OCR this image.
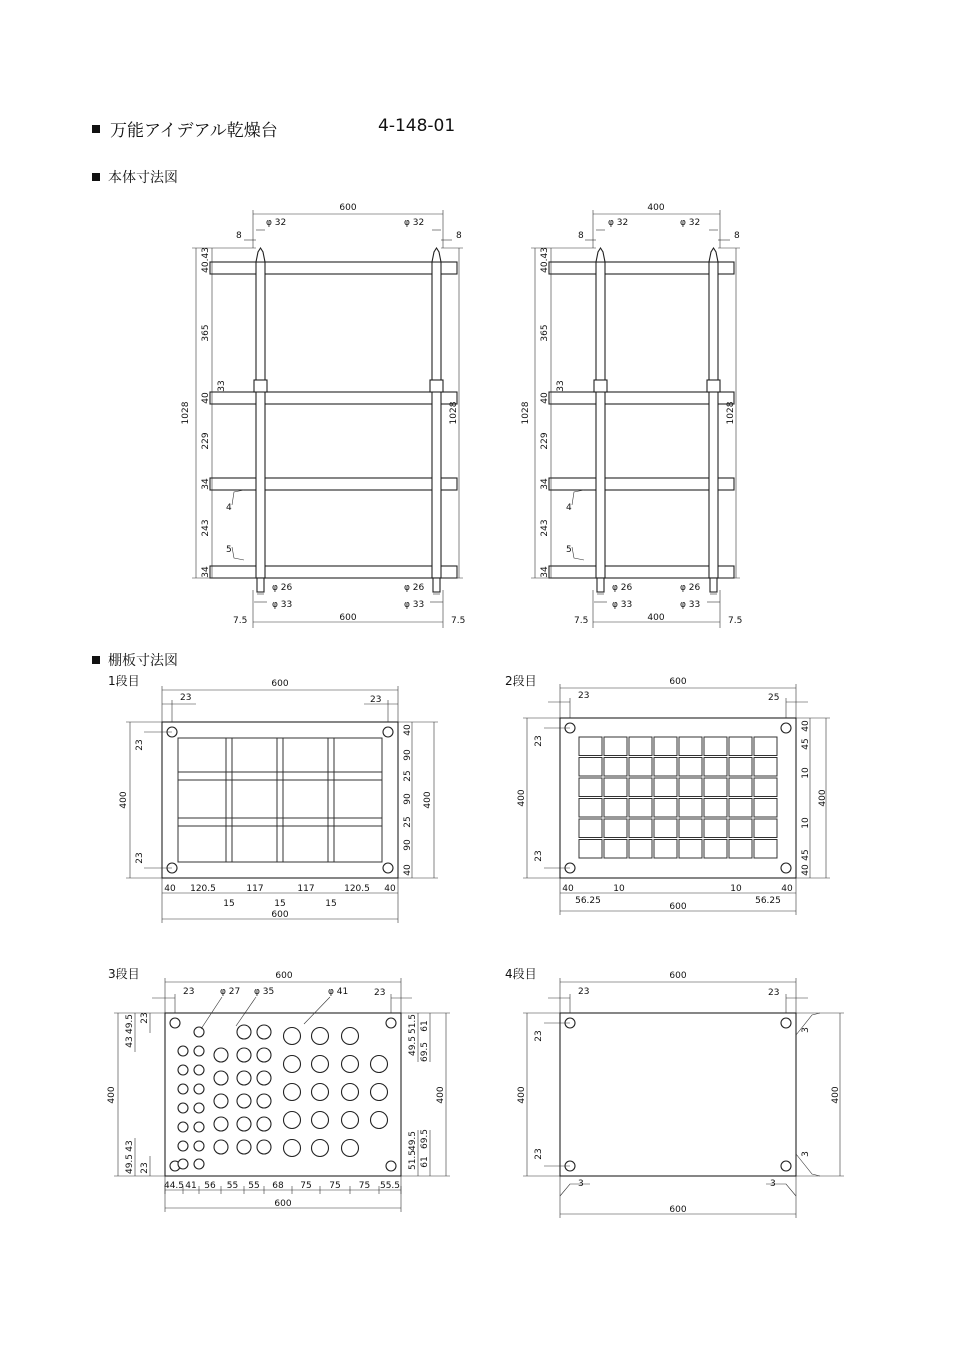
万能アイデアル乾燥台	4-148-01
本体寸法図
棚板寸法図
1段目	2段目
3段目	4段目
600
φ 32	φ 32
8	8
1028
40.43
365
40
229
34
243
34
33
4
5
1028
φ 26	φ 26
φ 33	φ 33
600
7.5	7.5
400
φ 32	φ 32
8	8
1028
40.43
365
40
229
34
243
34
33
4
5
1028
φ 26	φ 26
φ 33	φ 33
400
7.5	7.5
600
23	23
400
23
23
400
40
90
25
90
25
90
40
40 120.5	117	117	120.5 40
15	15	15
600
600
23	25
400
23
23
400
40
45
10
10
45
40
40	10	10	40
56.25	56.25
600
600
23	23
φ 27 φ 35	φ 41
400
23
49.5
43
43
49.5 23
400
51.5
49.5
61
69.5
51.5
49.5
61
69.5
44.5 41 56 55 55 68 75 75 75 55.5
600
600
23	23
400
23
23
400
3
3
3	3
600
